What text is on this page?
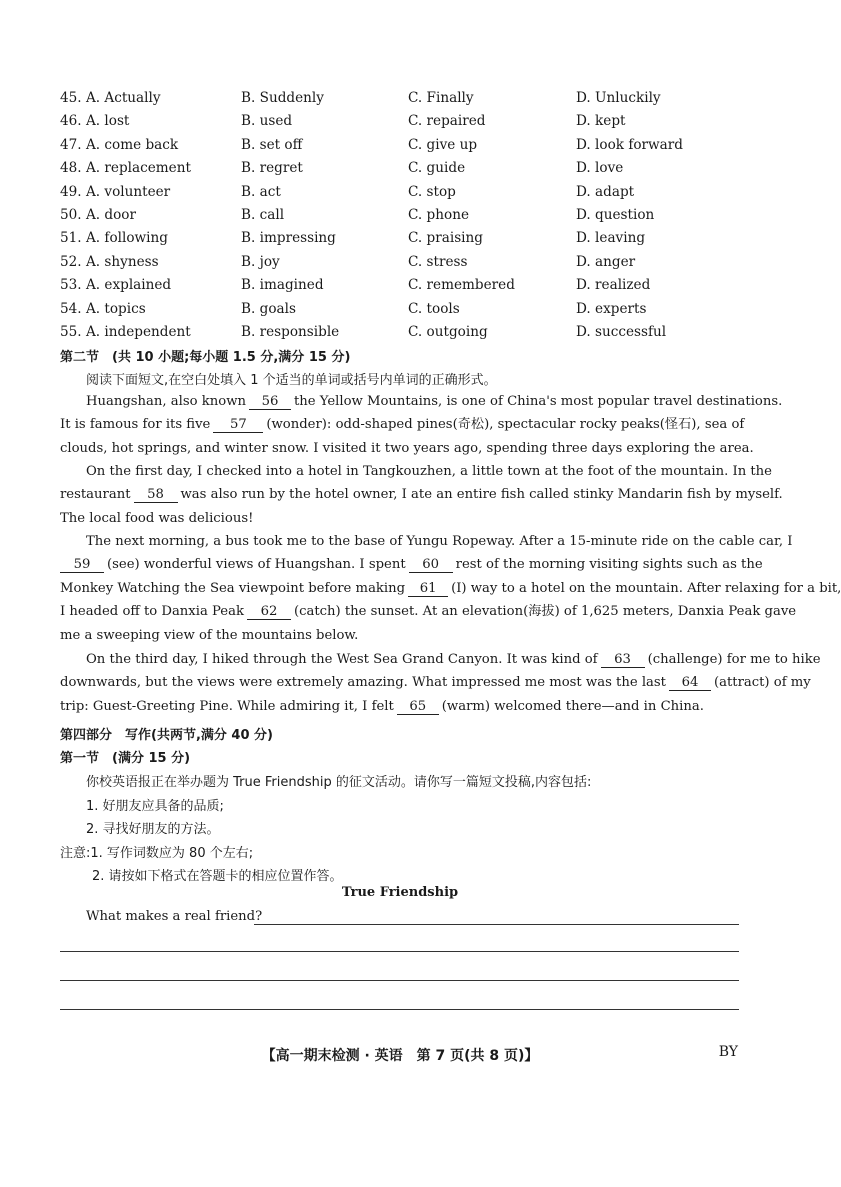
45. A. Actually	B. Suddenly	C. Finally	D. Unluckily
46. A. lost	B. used	C. repaired	D. kept
47. A. come back	B. set off	C. give up	D. look forward
48. A. replacement	B. regret	C. guide	D. love
49. A. volunteer	B. act	C. stop	D. adapt
50. A. door	B. call	C. phone	D. question
51. A. following	B. impressing	C. praising	D. leaving
52. A. shyness	B. joy	C. stress	D. anger
53. A. explained	B. imagined	C. remembered	D. realized
54. A. topics	B. goals	C. tools	D. experts
55. A. independent	B. responsible	C. outgoing	D. successful
第二节　(共 10 小题;每小题 1.5 分,满分 15 分)
阅读下面短文,在空白处填入 1 个适当的单词或括号内单词的正确形式。
Huangshan, also known 56 the Yellow Mountains, is one of China's most popular travel destinations.
It is famous for its five 57 (wonder): odd-shaped pines(奇松), spectacular rocky peaks(怪石), sea of
clouds, hot springs, and winter snow. I visited it two years ago, spending three days exploring the area.
On the first day, I checked into a hotel in Tangkouzhen, a little town at the foot of the mountain. In the
restaurant 58 was also run by the hotel owner, I ate an entire fish called stinky Mandarin fish by myself.
The local food was delicious!
The next morning, a bus took me to the base of Yungu Ropeway. After a 15-minute ride on the cable car, I
59 (see) wonderful views of Huangshan. I spent 60 rest of the morning visiting sights such as the
Monkey Watching the Sea viewpoint before making 61 (I) way to a hotel on the mountain. After relaxing for a bit,
I headed off to Danxia Peak 62 (catch) the sunset. At an elevation(海拔) of 1,625 meters, Danxia Peak gave
me a sweeping view of the mountains below.
On the third day, I hiked through the West Sea Grand Canyon. It was kind of 63 (challenge) for me to hike
downwards, but the views were extremely amazing. What impressed me most was the last 64 (attract) of my
trip: Guest-Greeting Pine. While admiring it, I felt 65 (warm) welcomed there—and in China.
第四部分　写作(共两节,满分 40 分)
第一节　(满分 15 分)
你校英语报正在举办题为 True Friendship 的征文活动。请你写一篇短文投稿,内容包括:
1. 好朋友应具备的品质;
2. 寻找好朋友的方法。
注意:1. 写作词数应为 80 个左右;
2. 请按如下格式在答题卡的相应位置作答。
True Friendship
What makes a real friend?
【高一期末检测 · 英语　第 7 页(共 8 页)】	BY
